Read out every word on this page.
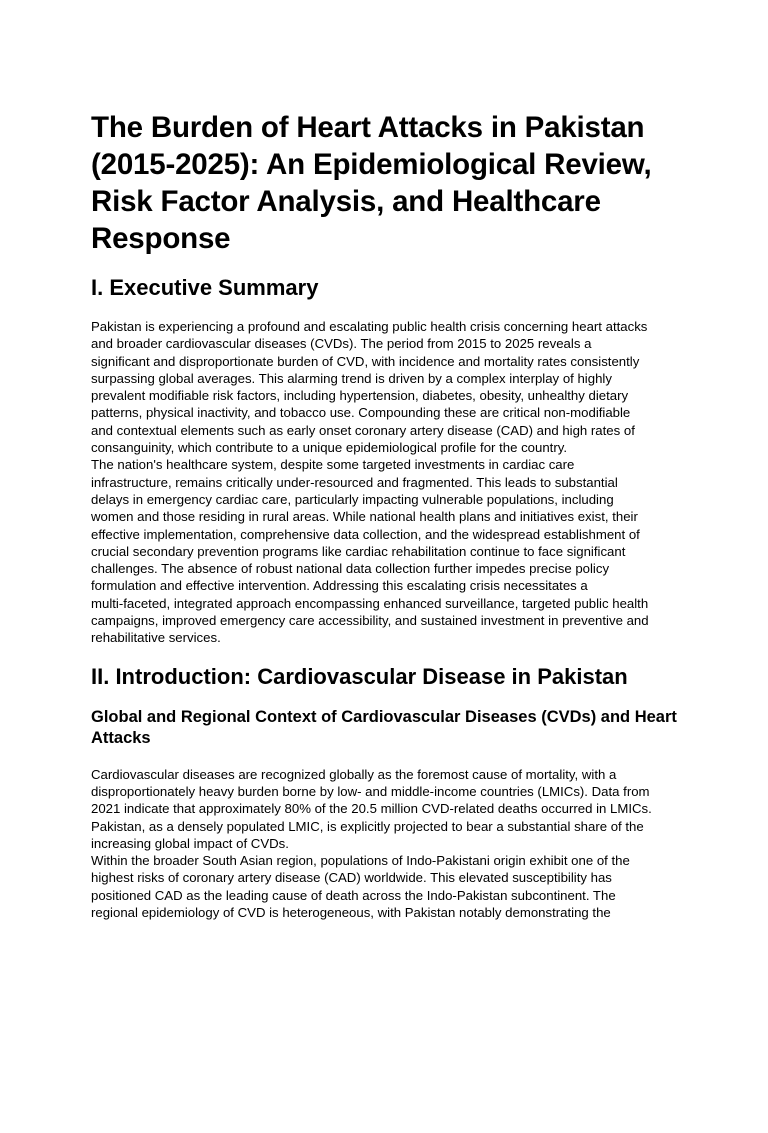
The Burden of Heart Attacks in Pakistan (2015-2025): An Epidemiological Review, Risk Factor Analysis, and Healthcare Response
I. Executive Summary

Pakistan is experiencing a profound and escalating public health crisis concerning heart attacks
and broader cardiovascular diseases (CVDs). The period from 2015 to 2025 reveals a
significant and disproportionate burden of CVD, with incidence and mortality rates consistently
surpassing global averages. This alarming trend is driven by a complex interplay of highly
prevalent modifiable risk factors, including hypertension, diabetes, obesity, unhealthy dietary
patterns, physical inactivity, and tobacco use. Compounding these are critical non-modifiable
and contextual elements such as early onset coronary artery disease (CAD) and high rates of
consanguinity, which contribute to a unique epidemiological profile for the country.

The nation's healthcare system, despite some targeted investments in cardiac care
infrastructure, remains critically under-resourced and fragmented. This leads to substantial
delays in emergency cardiac care, particularly impacting vulnerable populations, including
women and those residing in rural areas. While national health plans and initiatives exist, their
effective implementation, comprehensive data collection, and the widespread establishment of
crucial secondary prevention programs like cardiac rehabilitation continue to face significant
challenges. The absence of robust national data collection further impedes precise policy
formulation and effective intervention. Addressing this escalating crisis necessitates a
multi-faceted, integrated approach encompassing enhanced surveillance, targeted public health
campaigns, improved emergency care accessibility, and sustained investment in preventive and
rehabilitative services.

II. Introduction: Cardiovascular Disease in Pakistan
Global and Regional Context of Cardiovascular Diseases (CVDs) and Heart Attacks

Cardiovascular diseases are recognized globally as the foremost cause of mortality, with a
disproportionately heavy burden borne by low- and middle-income countries (LMICs). Data from
2021 indicate that approximately 80% of the 20.5 million CVD-related deaths occurred in LMICs.
Pakistan, as a densely populated LMIC, is explicitly projected to bear a substantial share of the
increasing global impact of CVDs.

Within the broader South Asian region, populations of Indo-Pakistani origin exhibit one of the
highest risks of coronary artery disease (CAD) worldwide. This elevated susceptibility has
positioned CAD as the leading cause of death across the Indo-Pakistan subcontinent. The
regional epidemiology of CVD is heterogeneous, with Pakistan notably demonstrating the
